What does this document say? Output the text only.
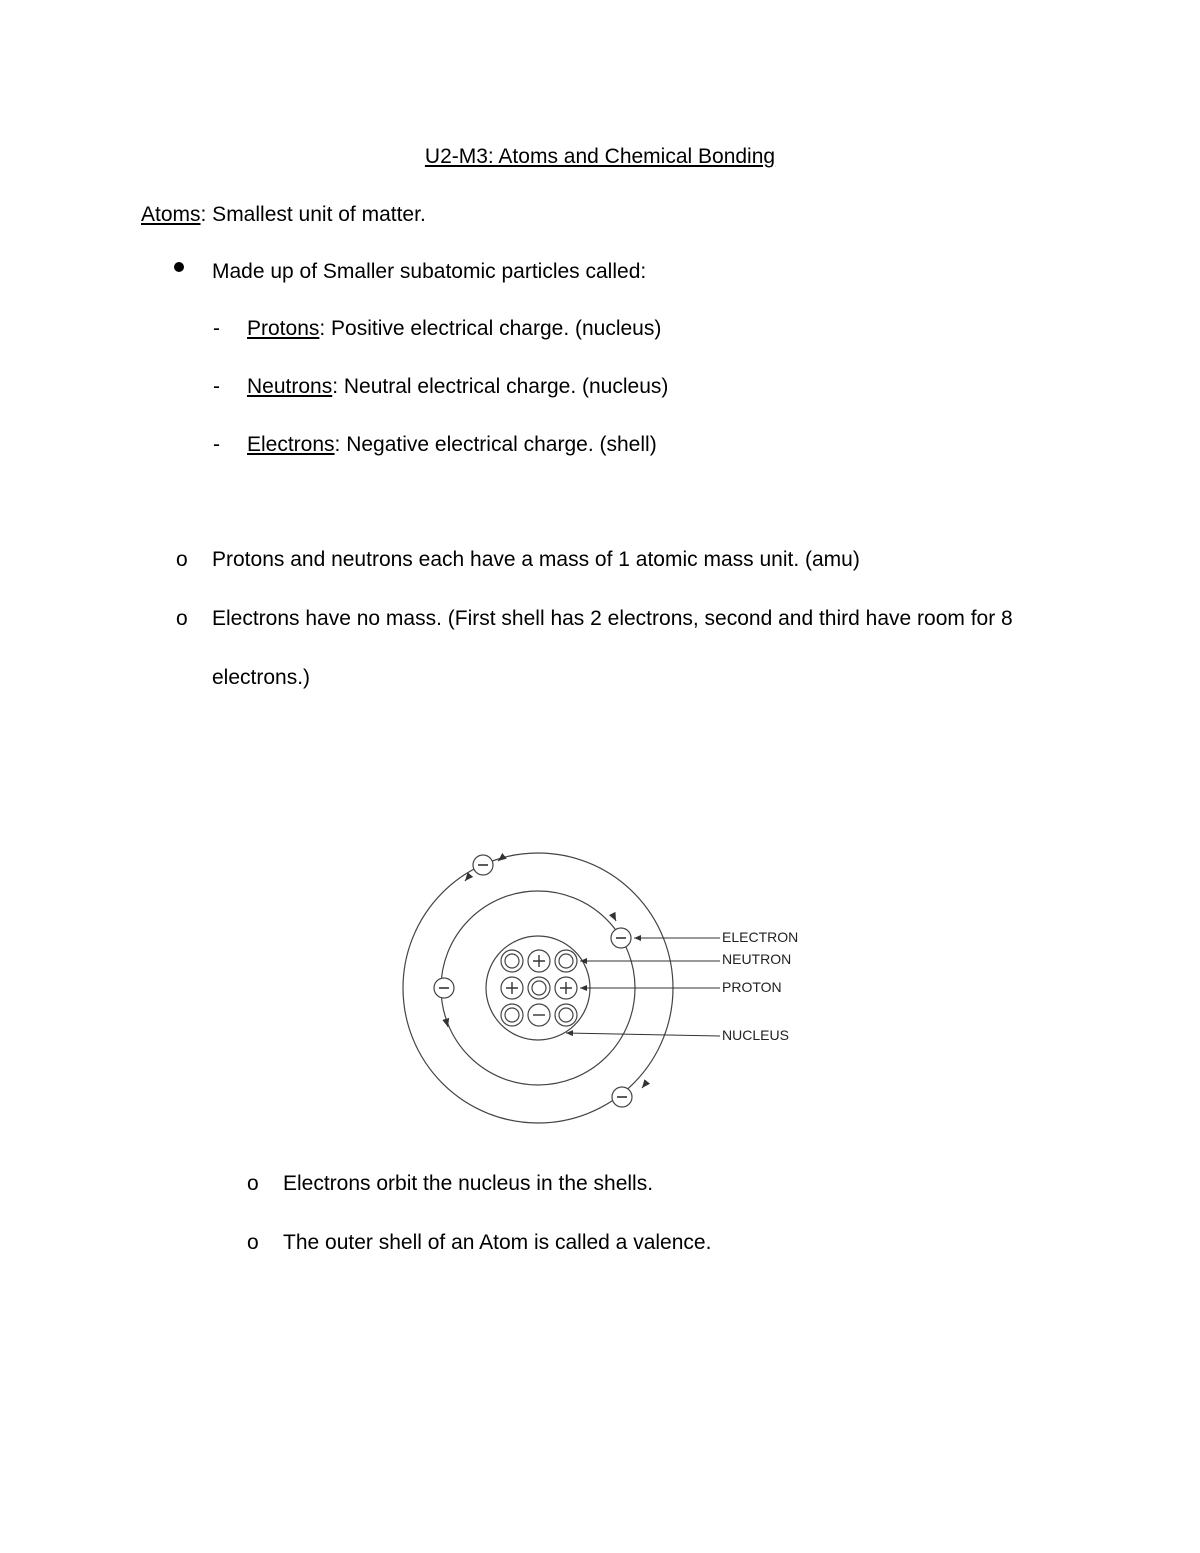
U2-M3: Atoms and Chemical Bonding
Atoms: Smallest unit of matter.
Made up of Smaller subatomic particles called:
- Protons: Positive electrical charge. (nucleus)
- Neutrons: Neutral electrical charge. (nucleus)
- Electrons: Negative electrical charge. (shell)
o Protons and neutrons each have a mass of 1 atomic mass unit. (amu)
o Electrons have no mass. (First shell has 2 electrons, second and third have room for 8
electrons.)
ELECTRON
NEUTRON
PROTON
NUCLEUS
o Electrons orbit the nucleus in the shells.
o The outer shell of an Atom is called a valence.
